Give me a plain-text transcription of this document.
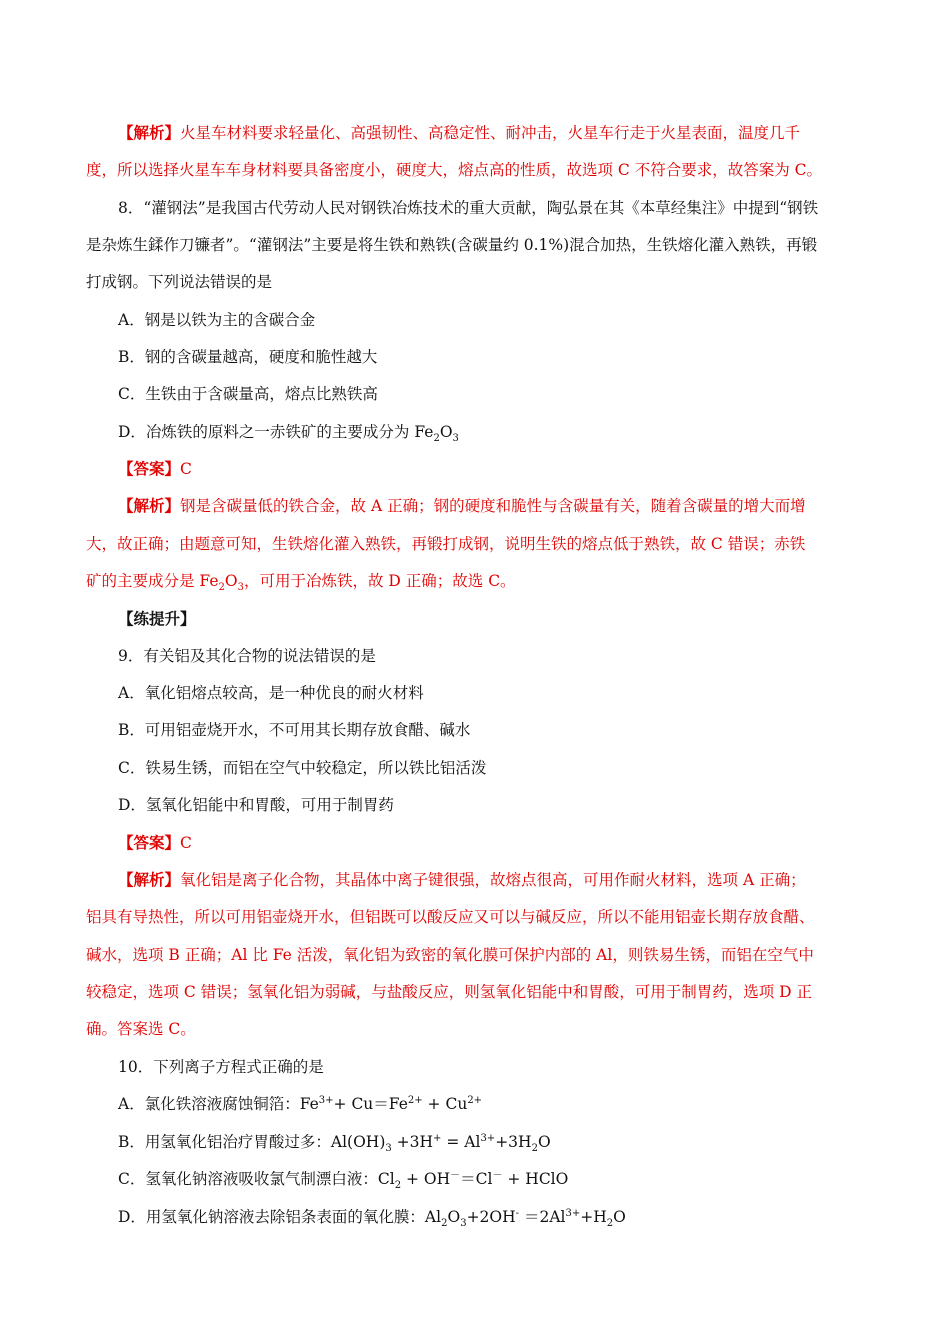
【解析】火星车材料要求轻量化、高强韧性、高稳定性、耐冲击，火星车行走于火星表面，温度几千
度，所以选择火星车车身材料要具备密度小，硬度大，熔点高的性质，故选项 C 不符合要求，故答案为 C。
8．“灌钢法”是我国古代劳动人民对钢铁冶炼技术的重大贡献，陶弘景在其《本草经集注》中提到“钢铁
是杂炼生鍒作刀镰者”。“灌钢法”主要是将生铁和熟铁(含碳量约 0.1%)混合加热，生铁熔化灌入熟铁，再锻
打成钢。下列说法错误的是
A．钢是以铁为主的含碳合金
B．钢的含碳量越高，硬度和脆性越大
C．生铁由于含碳量高，熔点比熟铁高
D．冶炼铁的原料之一赤铁矿的主要成分为 $Fe_2O_3$
【答案】C
【解析】钢是含碳量低的铁合金，故 A 正确；钢的硬度和脆性与含碳量有关，随着含碳量的增大而增
大，故正确；由题意可知，生铁熔化灌入熟铁，再锻打成钢，说明生铁的熔点低于熟铁，故 C 错误；赤铁
矿的主要成分是 $Fe_2O_3$，可用于冶炼铁，故 D 正确；故选 C。
【练提升】
9．有关铝及其化合物的说法错误的是
A．氧化铝熔点较高，是一种优良的耐火材料
B．可用铝壶烧开水，不可用其长期存放食醋、碱水
C．铁易生锈，而铝在空气中较稳定，所以铁比铝活泼
D．氢氧化铝能中和胃酸，可用于制胃药
【答案】C
【解析】氧化铝是离子化合物，其晶体中离子键很强，故熔点很高，可用作耐火材料，选项 A 正确；
铝具有导热性，所以可用铝壶烧开水，但铝既可以酸反应又可以与碱反应，所以不能用铝壶长期存放食醋、
碱水，选项 B 正确；Al 比 Fe 活泼，氧化铝为致密的氧化膜可保护内部的 Al，则铁易生锈，而铝在空气中
较稳定，选项 C 错误；氢氧化铝为弱碱，与盐酸反应，则氢氧化铝能中和胃酸，可用于制胃药，选项 D 正
确。答案选 C。
10．下列离子方程式正确的是
A．氯化铁溶液腐蚀铜箔：$Fe^{3+}+ Cu=Fe^{2+} + Cu^{2+}$
B．用氢氧化铝治疗胃酸过多：$Al(OH)_3 +3H^+ = Al^{3+}+3H_2O$
C．氢氧化钠溶液吸收氯气制漂白液：$Cl_2 + OH^-=Cl^-$ + HClO
D．用氢氧化钠溶液去除铝条表面的氧化膜：$Al_2O_3+2OH^- =2Al^{3+}+H_2O$
